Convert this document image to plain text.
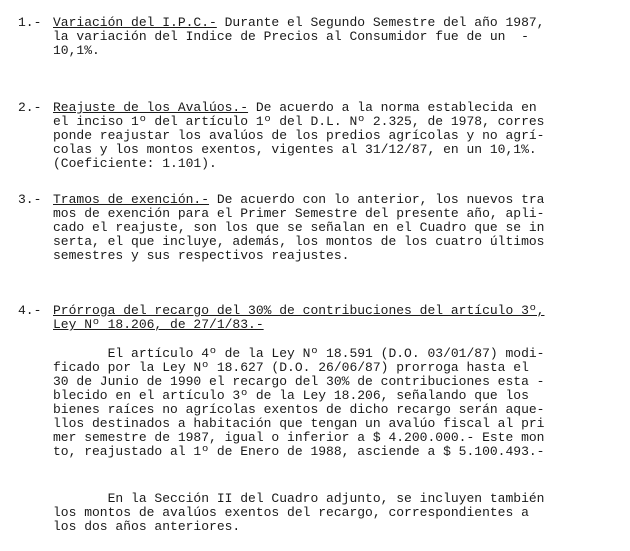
1.- Variación del I.P.C.- Durante el Segundo Semestre del año 1987,
la variación del Indice de Precios al Consumidor fue de un  -
10,1%.
2.- Reajuste de los Avalúos.- De acuerdo a la norma establecida en
el inciso 1º del artículo 1º del D.L. Nº 2.325, de 1978, corres
ponde reajustar los avalúos de los predios agrícolas y no agrí-
colas y los montos exentos, vigentes al 31/12/87, en un 10,1%.
(Coeficiente: 1.101).
3.- Tramos de exención.- De acuerdo con lo anterior, los nuevos tra
mos de exención para el Primer Semestre del presente año, apli-
cado el reajuste, son los que se señalan en el Cuadro que se in
serta, el que incluye, además, los montos de los cuatro últimos
semestres y sus respectivos reajustes.
4.- Prórroga del recargo del 30% de contribuciones del artículo 3º,
Ley Nº 18.206, de 27/1/83.-
El artículo 4º de la Ley Nº 18.591 (D.O. 03/01/87) modi-
ficado por la Ley Nº 18.627 (D.O. 26/06/87) prorroga hasta el
30 de Junio de 1990 el recargo del 30% de contribuciones esta -
blecido en el artículo 3º de la Ley 18.206, señalando que los
bienes raíces no agrícolas exentos de dicho recargo serán aque-
llos destinados a habitación que tengan un avalúo fiscal al pri
mer semestre de 1987, igual o inferior a $ 4.200.000.- Este mon
to, reajustado al 1º de Enero de 1988, asciende a $ 5.100.493.-
En la Sección II del Cuadro adjunto, se incluyen también
los montos de avalúos exentos del recargo, correspondientes a
los dos años anteriores.
